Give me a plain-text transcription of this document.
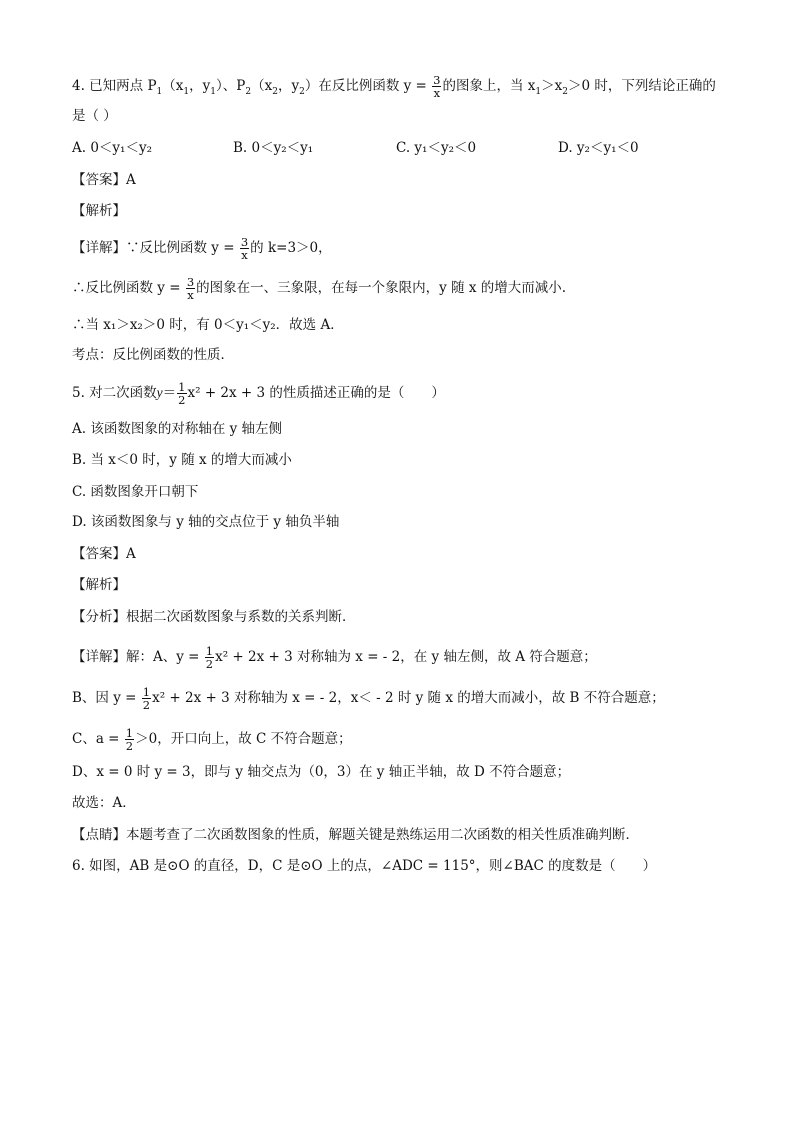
4. 已知两点 $P_1(x_1$，$y_1$）、$P_2(x_2$，$y_2$）在反比例函数 $y = \frac{3}{x}$ 的图象上，当 $x_1>x_2>0$ 时，下列结论正确的
是（ ）
A. 0＜y₁＜y₂	B. 0＜y₂＜y₁	C. y₁＜y₂＜0	D. y₂＜y₁＜0
【答案】A
【解析】
【详解】∵反比例函数 $y = \frac{3}{x}$ 的 k=3＞0，
∴反比例函数 $y = \frac{3}{x}$ 的图象在一、三象限，在每一个象限内，y 随 x 的增大而减小.
∴当 x₁＞x₂＞0 时，有 0＜y₁＜y₂．故选 A．
考点：反比例函数的性质．
5. 对二次函数$y= \frac{1}{2} x^2 + 2x + 3$ 的性质描述正确的是（　　）
A. 该函数图象的对称轴在 y 轴左侧
B. 当 x＜0 时，y 随 x 的增大而减小
C. 函数图象开口朝下
D. 该函数图象与 y 轴的交点位于 y 轴负半轴
【答案】A
【解析】
【分析】根据二次函数图象与系数的关系判断．
【详解】解：A、$y = \frac{1}{2} x^2 + 2x + 3$ 对称轴为 x = - 2，在 y 轴左侧，故 A 符合题意；
B、因 $y = \frac{1}{2} x^2 + 2x + 3$ 对称轴为 x = - 2，x＜ - 2 时 y 随 x 的增大而减小，故 B 不符合题意；
C、$a = \frac{1}{2} >0$，开口向上，故 C 不符合题意；
D、x = 0 时 y = 3，即与 y 轴交点为（0，3）在 y 轴正半轴，故 D 不符合题意；
故选：A．
【点睛】本题考查了二次函数图象的性质，解题关键是熟练运用二次函数的相关性质准确判断．
6. 如图，AB 是⊙O 的直径，D，C 是⊙O 上的点，∠ADC = 115°，则∠BAC 的度数是（　　）
